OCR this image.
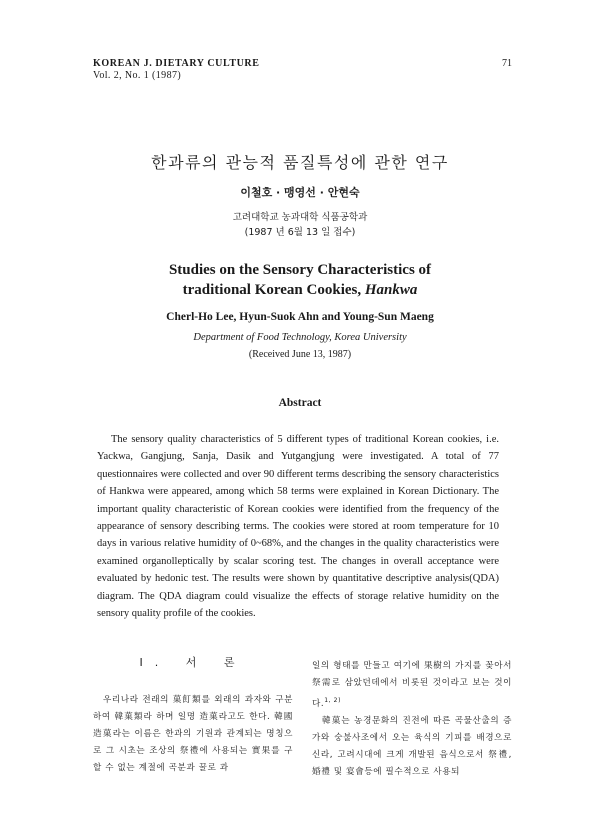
KOREAN J. DIETARY CULTURE
Vol. 2, No. 1 (1987)
71
한과류의 관능적 품질특성에 관한 연구
이철호 · 맹영선 · 안현숙
고려대학교 농과대학 식품공학과
(1987 년 6월 13 일 접수)
Studies on the Sensory Characteristics of
traditional Korean Cookies, Hankwa
Cherl-Ho Lee, Hyun-Suok Ahn and Young-Sun Maeng
Department of Food Technology, Korea University
(Received June 13, 1987)
Abstract
The sensory quality characteristics of 5 different types of traditional Korean cookies, i.e. Yackwa, Gangjung, Sanja, Dasik and Yutgangjung were investigated. A total of 77 questionnaires were collected and over 90 different terms describing the sensory characteristics of Hankwa were appeared, among which 58 terms were explained in Korean Dictionary. The important quality characteristic of Korean cookies were identified from the frequency of the appearance of sensory describing terms. The cookies were stored at room temperature for 10 days in various relative humidity of 0~68%, and the changes in the quality characteristics were examined organolleptically by scalar scoring test. The changes in overall acceptance were evaluated by hedonic test. The results were shown by quantitative descriptive analysis(QDA) diagram. The QDA diagram could visualize the effects of storage relative humidity on the sensory quality profile of the cookies.
I. 서 론
우리나라 전래의 菓飣類를 외래의 과자와 구분하여 韓菓類라 하며 일명 造菓라고도 한다. 韓國造菓라는 이름은 한과의 기원과 관계되는 명칭으로 그 시초는 조상의 祭禮에 사용되는 實果를 구할 수 없는 계절에 곡분과 꿀로 과

일의 형태를 만들고 여기에 果樹의 가지를 꽂아서 祭需로 삼았던데에서 비롯된 것이라고 보는 것이다.$^{1, 2)}$

韓菓는 농경문화의 진전에 따른 곡물산출의 증가와 숭불사조에서 오는 육식의 기피를 배경으로 신라, 고려시대에 크게 개발된 음식으로서 祭禮, 婚禮 및 宴會등에 필수적으로 사용되
